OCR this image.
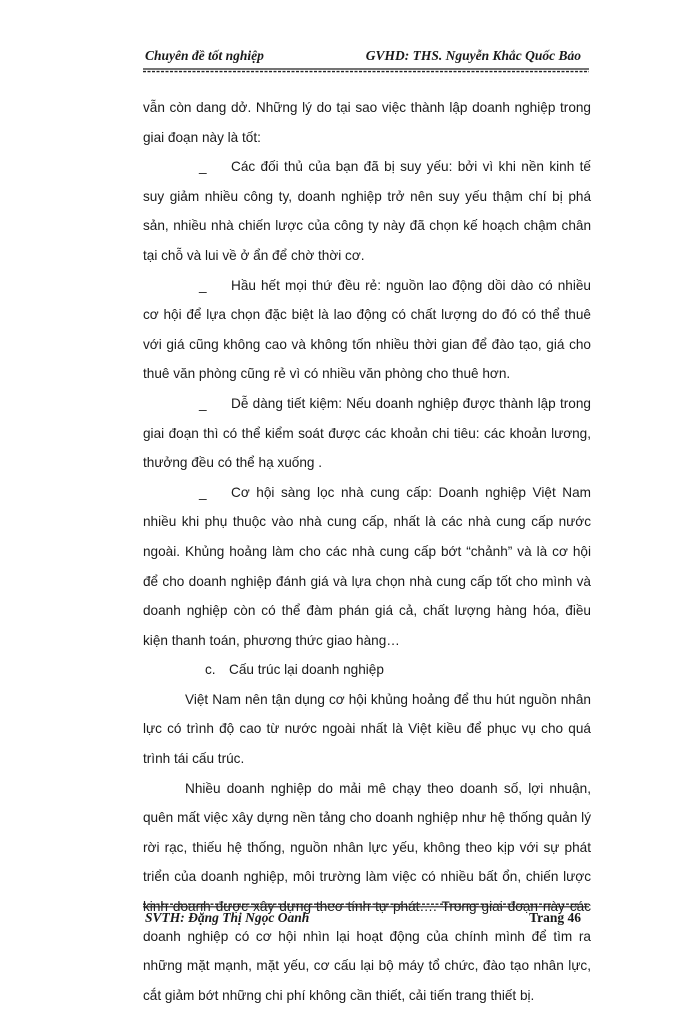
Chuyên đề tốt nghiệp	GVHD: THS. Nguyễn Khắc Quốc Bảo

vẫn còn dang dở. Những lý do tại sao việc thành lập doanh nghiệp trong giai đoạn này là tốt:

_ Các đối thủ của bạn đã bị suy yếu: bởi vì khi nền kinh tế suy giảm nhiều công ty, doanh nghiệp trở nên suy yếu thậm chí bị phá sản, nhiều nhà chiến lược của công ty này đã chọn kế hoạch chậm chân tại chỗ và lui về ở ẩn để chờ thời cơ.

_ Hầu hết mọi thứ đều rẻ: nguồn lao động dồi dào có nhiều cơ hội để lựa chọn đặc biệt là lao động có chất lượng do đó có thể thuê với giá cũng không cao và không tốn nhiều thời gian để đào tạo, giá cho thuê văn phòng cũng rẻ vì có nhiều văn phòng cho thuê hơn.

_ Dễ dàng tiết kiệm: Nếu doanh nghiệp được thành lập trong giai đoạn thì có thể kiểm soát được các khoản chi tiêu: các khoản lương, thưởng đều có thể hạ xuống .

_ Cơ hội sàng lọc nhà cung cấp: Doanh nghiệp Việt Nam nhiều khi phụ thuộc vào nhà cung cấp, nhất là các nhà cung cấp nước ngoài. Khủng hoảng làm cho các nhà cung cấp bớt “chảnh” và là cơ hội để cho doanh nghiệp đánh giá và lựa chọn nhà cung cấp tốt cho mình và doanh nghiệp còn có thể đàm phán giá cả, chất lượng hàng hóa, điều kiện thanh toán, phương thức giao hàng…

c. Cấu trúc lại doanh nghiệp

Việt Nam nên tận dụng cơ hội khủng hoảng để thu hút nguồn nhân lực có trình độ cao từ nước ngoài nhất là Việt kiều để phục vụ cho quá trình tái cấu trúc.

Nhiều doanh nghiệp do mải mê chạy theo doanh số, lợi nhuận, quên mất việc xây dựng nền tảng cho doanh nghiệp như hệ thống quản lý rời rạc, thiếu hệ thống, nguồn nhân lực yếu, không theo kịp với sự phát triển của doanh nghiệp, môi trường làm việc có nhiều bất ổn, chiến lược kinh doanh được xây dựng theo tính tự phát…. Trong giai đoạn này các doanh nghiệp có cơ hội nhìn lại hoạt động của chính mình để tìm ra những mặt mạnh, mặt yếu, cơ cấu lại bộ máy tổ chức, đào tạo nhân lực, cắt giảm bớt những chi phí không cần thiết, cải tiến trang thiết bị.

SVTH: Đặng Thị Ngọc Oanh	Trang 46
